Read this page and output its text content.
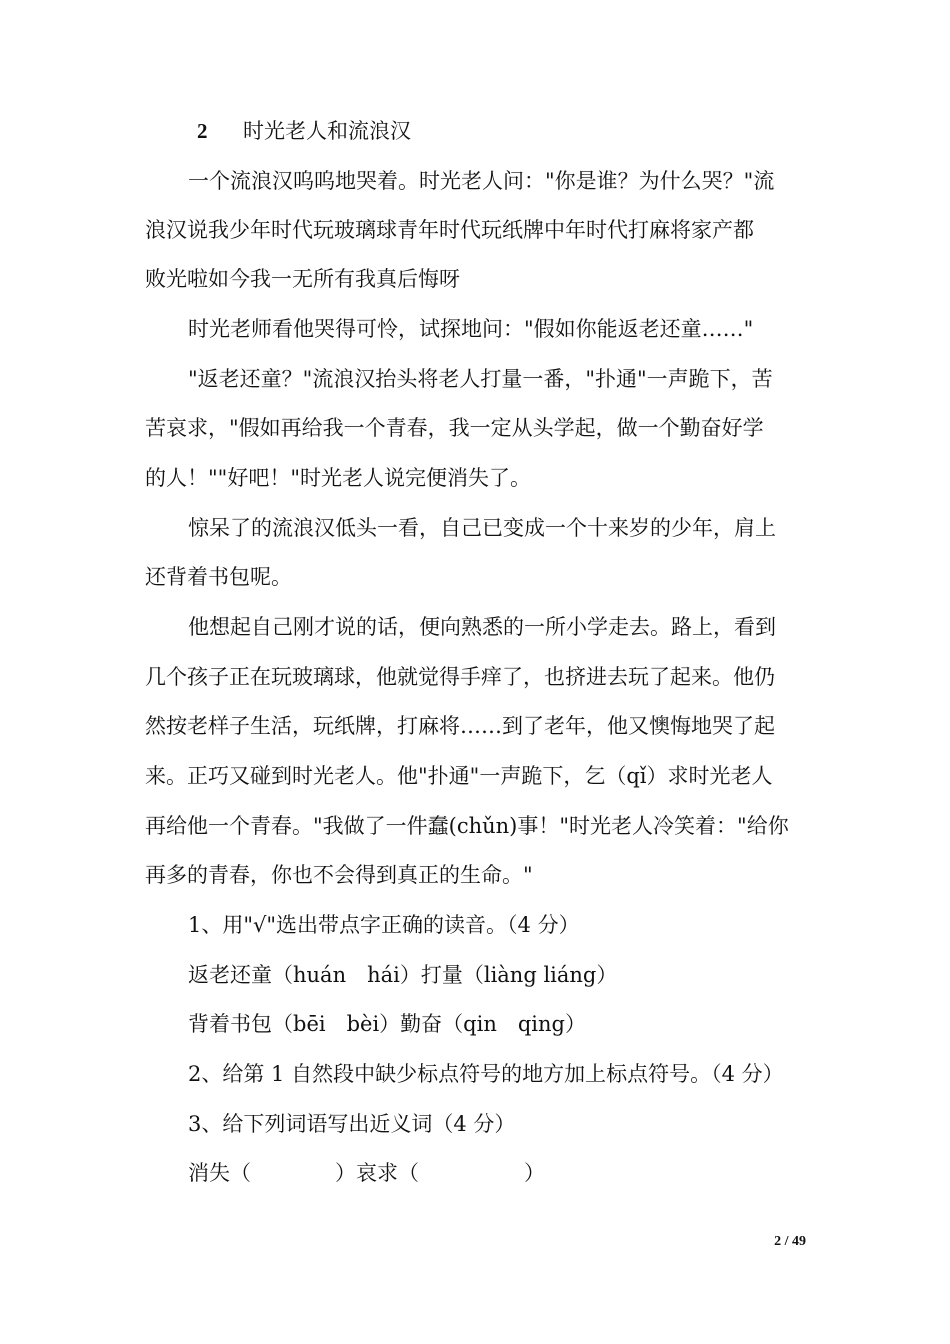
2 时光老人和流浪汉
一个流浪汉呜呜地哭着。时光老人问："你是谁？为什么哭？"流
浪汉说我少年时代玩玻璃球青年时代玩纸牌中年时代打麻将家产都
败光啦如今我一无所有我真后悔呀
时光老师看他哭得可怜，试探地问："假如你能返老还童……"
"返老还童？"流浪汉抬头将老人打量一番，"扑通"一声跪下，苦
苦哀求，"假如再给我一个青春，我一定从头学起，做一个勤奋好学
的人！""好吧！"时光老人说完便消失了。
惊呆了的流浪汉低头一看，自己已变成一个十来岁的少年，肩上
还背着书包呢。
他想起自己刚才说的话，便向熟悉的一所小学走去。路上，看到
几个孩子正在玩玻璃球，他就觉得手痒了，也挤进去玩了起来。他仍
然按老样子生活，玩纸牌，打麻将……到了老年，他又懊悔地哭了起
来。正巧又碰到时光老人。他"扑通"一声跪下，乞（qǐ）求时光老人
再给他一个青春。"我做了一件蠢(chǔn)事！"时光老人冷笑着："给你
再多的青春，你也不会得到真正的生命。"
1、用"√"选出带点字正确的读音。（4 分）
返老还童（huán　hái）打量（liàng liáng）
背着书包（bēi　bèi）勤奋（qin　qing）
2、给第 1 自然段中缺少标点符号的地方加上标点符号。（4 分）
3、给下列词语写出近义词（4 分）
消失（　　　　）哀求（　　　　　）
2 / 49
